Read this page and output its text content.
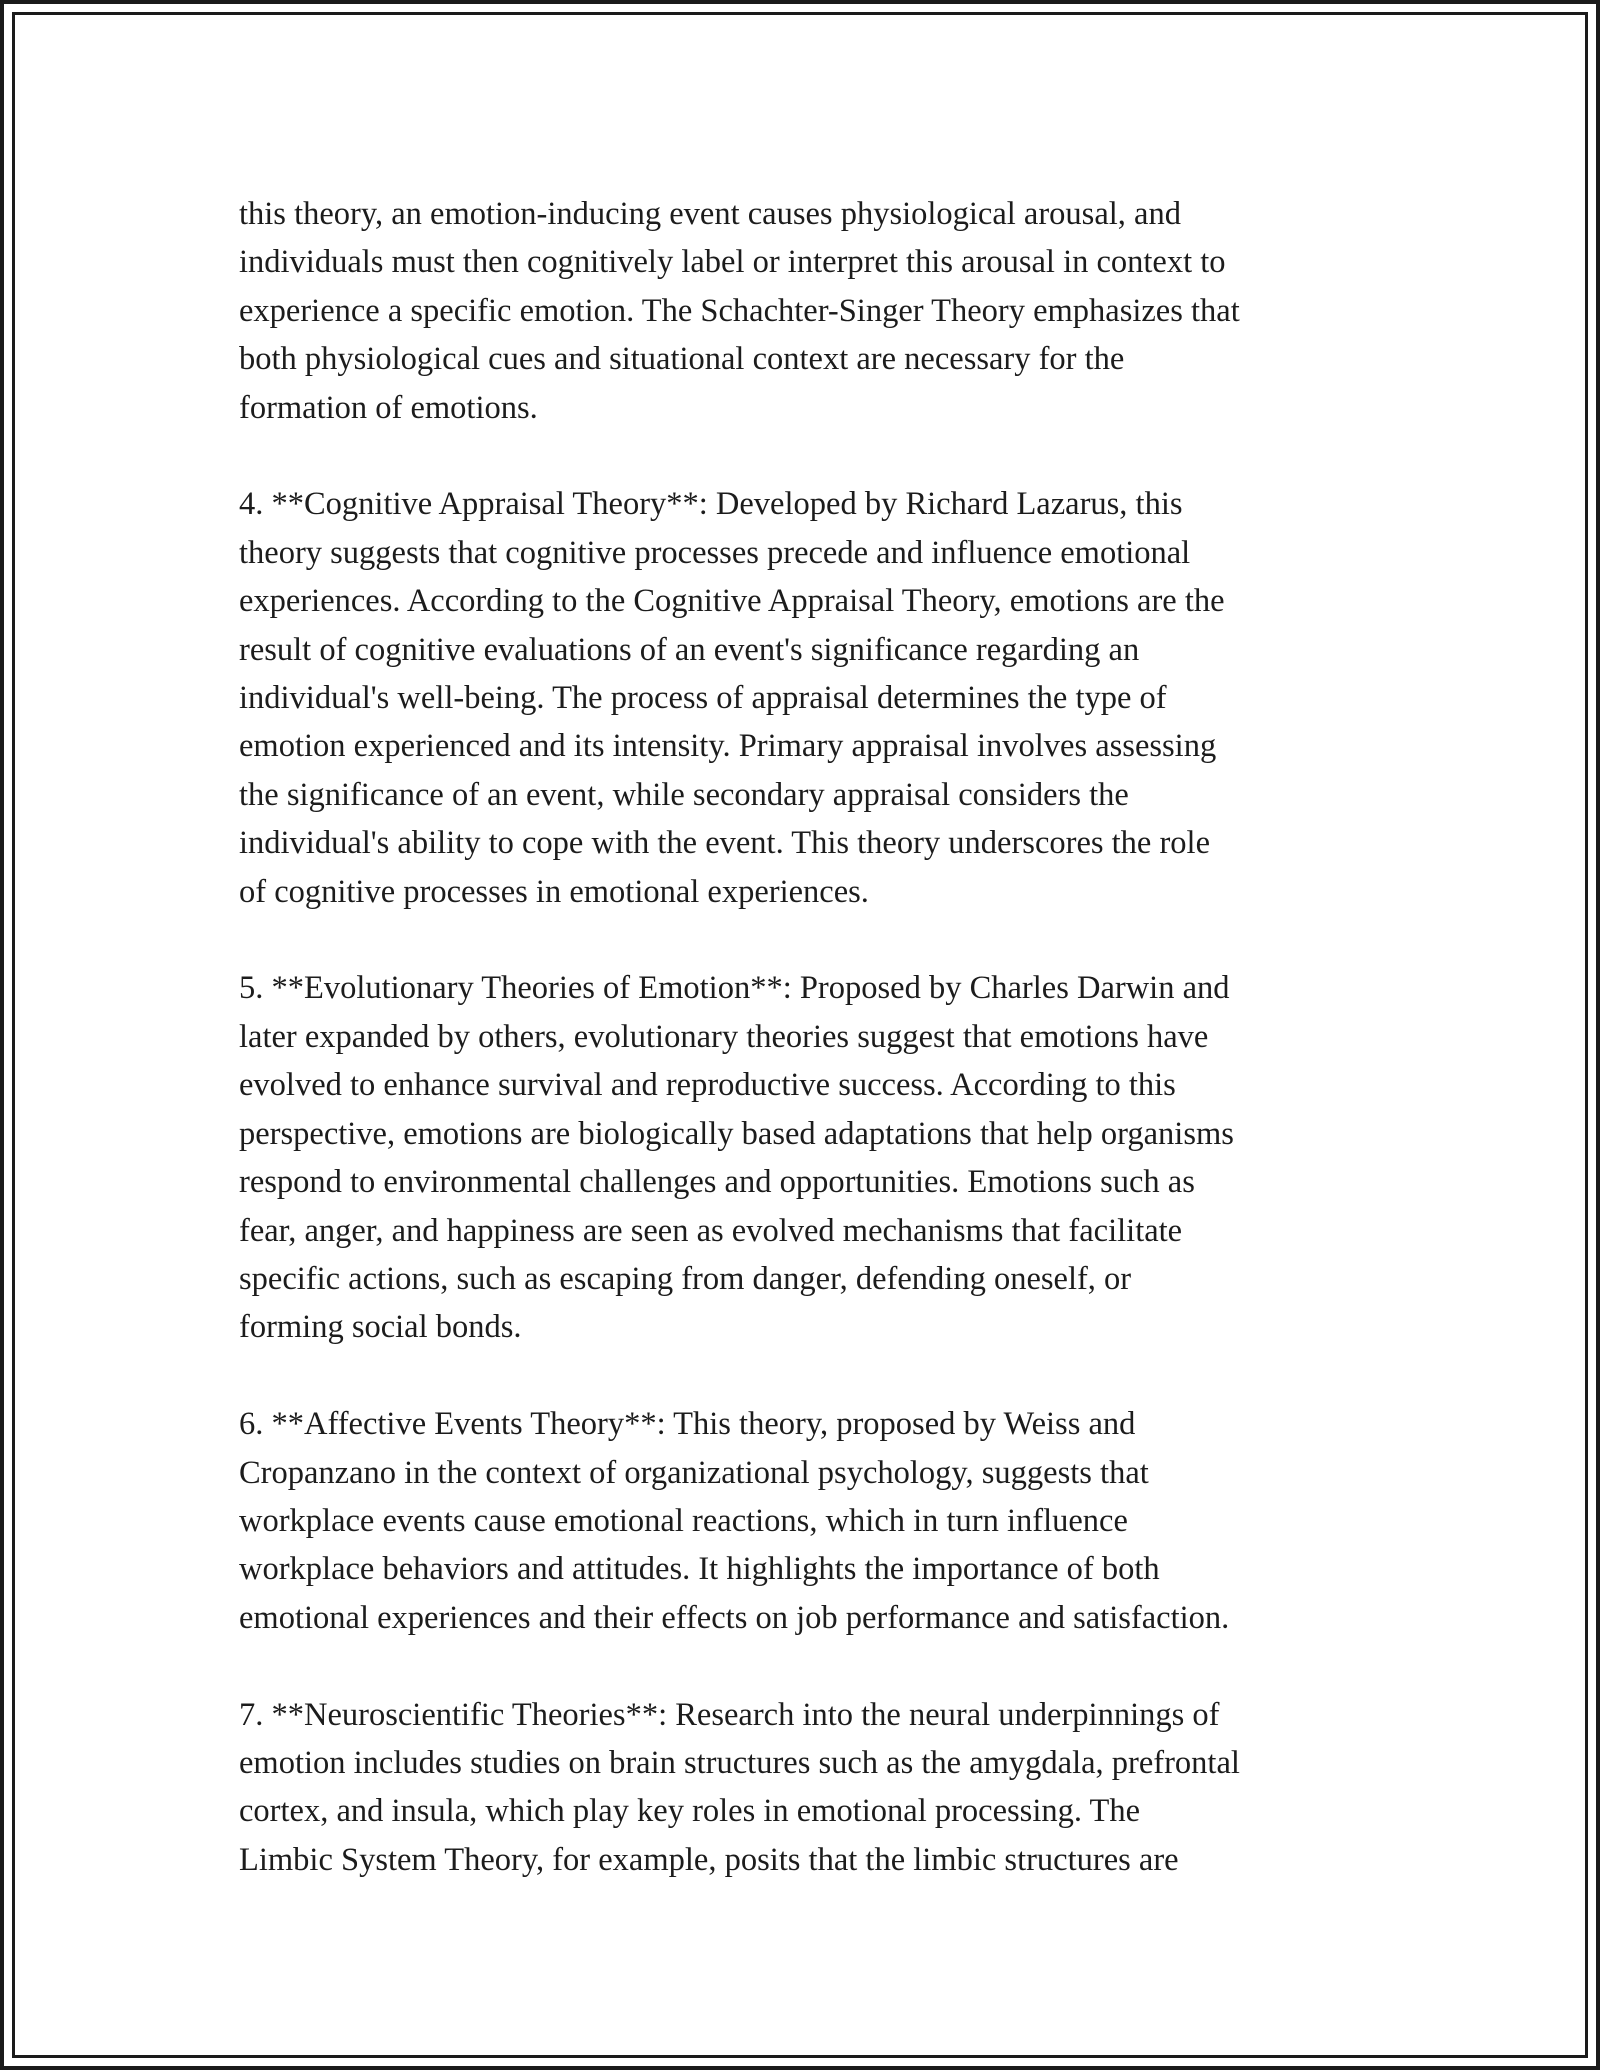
this theory, an emotion-inducing event causes physiological arousal, and
individuals must then cognitively label or interpret this arousal in context to
experience a specific emotion. The Schachter-Singer Theory emphasizes that
both physiological cues and situational context are necessary for the
formation of emotions.

4. **Cognitive Appraisal Theory**: Developed by Richard Lazarus, this
theory suggests that cognitive processes precede and influence emotional
experiences. According to the Cognitive Appraisal Theory, emotions are the
result of cognitive evaluations of an event's significance regarding an
individual's well-being. The process of appraisal determines the type of
emotion experienced and its intensity. Primary appraisal involves assessing
the significance of an event, while secondary appraisal considers the
individual's ability to cope with the event. This theory underscores the role
of cognitive processes in emotional experiences.

5. **Evolutionary Theories of Emotion**: Proposed by Charles Darwin and
later expanded by others, evolutionary theories suggest that emotions have
evolved to enhance survival and reproductive success. According to this
perspective, emotions are biologically based adaptations that help organisms
respond to environmental challenges and opportunities. Emotions such as
fear, anger, and happiness are seen as evolved mechanisms that facilitate
specific actions, such as escaping from danger, defending oneself, or
forming social bonds.

6. **Affective Events Theory**: This theory, proposed by Weiss and
Cropanzano in the context of organizational psychology, suggests that
workplace events cause emotional reactions, which in turn influence
workplace behaviors and attitudes. It highlights the importance of both
emotional experiences and their effects on job performance and satisfaction.

7. **Neuroscientific Theories**: Research into the neural underpinnings of
emotion includes studies on brain structures such as the amygdala, prefrontal
cortex, and insula, which play key roles in emotional processing. The
Limbic System Theory, for example, posits that the limbic structures are
